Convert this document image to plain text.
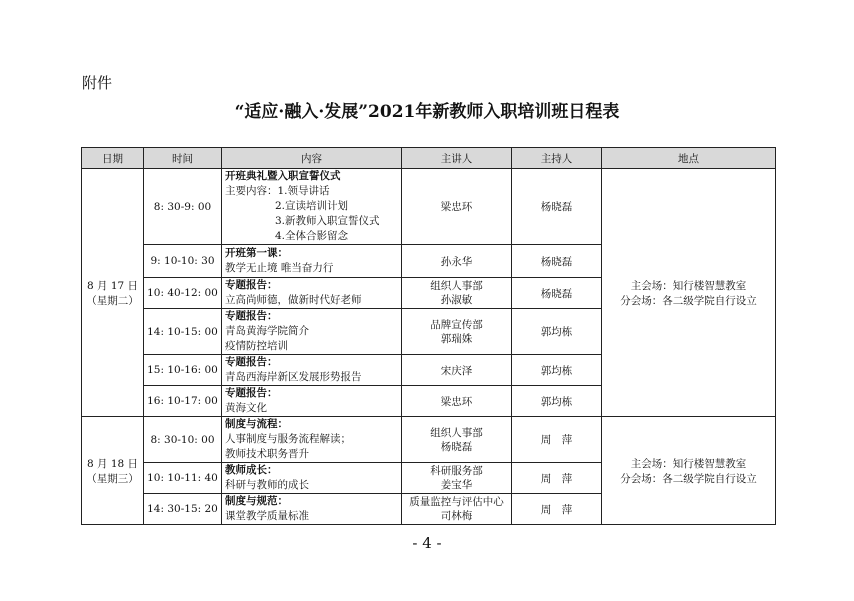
附件
“适应·融入·发展”2021年新教师入职培训班日程表
日期	时间	内容	主讲人	主持人	地点

8 月 17 日
（星期二）	8: 30-9: 00	开班典礼暨入职宣誓仪式
主要内容：1.领导讲话
2.宣读培训计划
3.新教师入职宣誓仪式
4.全体合影留念	梁忠环	杨晓磊	主会场：知行楼智慧教室
分会场：各二级学院自行设立

	9: 10-10: 30	开班第一课：
教学无止境 唯当奋力行	孙永华	杨晓磊	
	10: 40-12: 00	专题报告：
立高尚师德，做新时代好老师	组织人事部
孙淑敏	杨晓磊	
	14: 10-15: 00	专题报告：
青岛黄海学院简介
疫情防控培训	品牌宣传部
郭瑞姝	郭均栋	
	15: 10-16: 00	专题报告：
青岛西海岸新区发展形势报告	宋庆泽	郭均栋	
	16: 10-17: 00	专题报告：
黄海文化	梁忠环	郭均栋	

8 月 18 日
（星期三）	8: 30-10: 00	制度与流程：
人事制度与服务流程解读；
教师技术职务晋升	组织人事部
杨晓磊	周　萍	主会场：知行楼智慧教室
分会场：各二级学院自行设立

	10: 10-11: 40	教师成长：
科研与教师的成长	科研服务部
姜宝华	周　萍	
	14: 30-15: 20	制度与规范：
课堂教学质量标准	质量监控与评估中心
司林梅	周　萍	
- 4 -
